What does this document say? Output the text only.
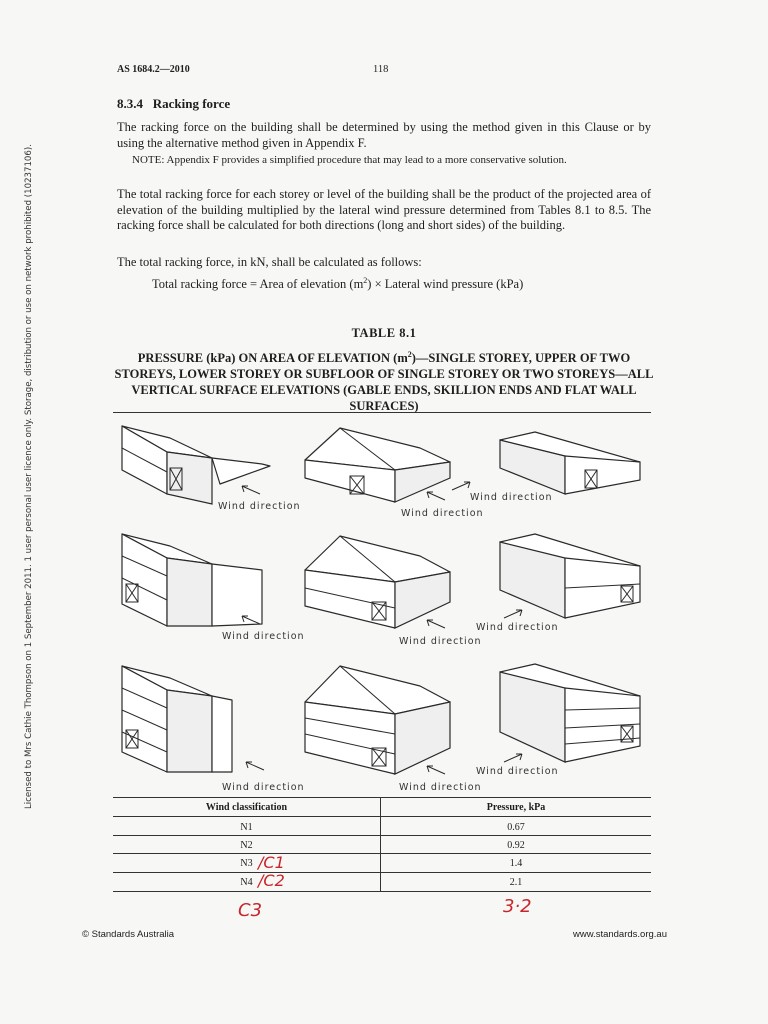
Licensed to Mrs Cathie Thompson on 1 September 2011. 1 user personal user licence only. Storage, distribution or use on network prohibited (10237106).
AS 1684.2—2010	118
8.3.4   Racking force
The racking force on the building shall be determined by using the method given in this Clause or by using the alternative method given in Appendix F.
NOTE: Appendix F provides a simplified procedure that may lead to a more conservative solution.
The total racking force for each storey or level of the building shall be the product of the projected area of elevation of the building multiplied by the lateral wind pressure determined from Tables 8.1 to 8.5. The racking force shall be calculated for both directions (long and short sides) of the building.
The total racking force, in kN, shall be calculated as follows:
Total racking force = Area of elevation $(m^2)$ × Lateral wind pressure (kPa)
TABLE 8.1
PRESSURE (kPa) ON AREA OF ELEVATION $(m^2)—SINGLE$ STOREY, UPPER OF TWO STOREYS, LOWER STOREY OR SUBFLOOR OF SINGLE STOREY OR TWO STOREYS—ALL VERTICAL SURFACE ELEVATIONS (GABLE ENDS, SKILLION ENDS AND FLAT WALL SURFACES)
Wind direction
Wind direction
Wind direction
Wind direction	Wind direction
Wind direction
Wind direction	Wind direction
Wind direction
Wind classification	Pressure, kPa
N1	0.67
N2	0.92
N3	1.4
N4	2.1
/C1
/C2
C3	3·2
© Standards Australia	www.standards.org.au
